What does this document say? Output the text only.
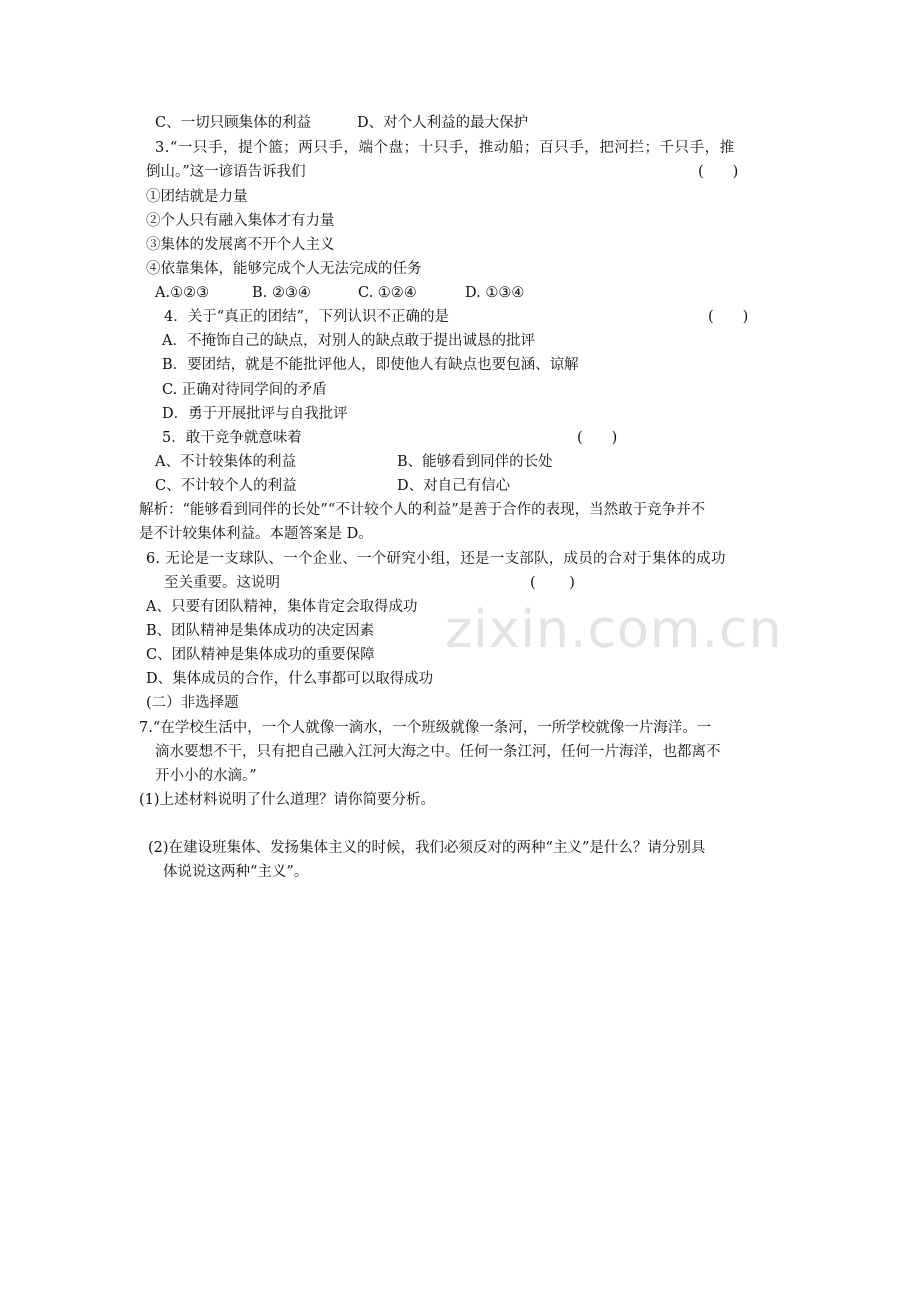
zixin.com.cn
C、一切只顾集体的利益	D、对个人利益的最大保护
3.“一只手，提个篮；两只手，端个盘；十只手，推动船；百只手，把河拦；千只手，推
倒山。”这一谚语告诉我们	(　　)
①团结就是力量
②个人只有融入集体才有力量
③集体的发展离不开个人主义
④依靠集体，能够完成个人无法完成的任务
A.①②③	B. ②③④	C. ①②④	D. ①③④
4．关于“真正的团结”，下列认识不正确的是	(　　)
A．不掩饰自己的缺点，对别人的缺点敢于提出诚恳的批评
B．要团结，就是不能批评他人，即使他人有缺点也要包涵、谅解
C. 正确对待同学间的矛盾
D．勇于开展批评与自我批评
5．敢干竞争就意味着	(　　)
A、不计较集体的利益	B、能够看到同伴的长处
C、不计较个人的利益	D、对自己有信心
解析：“能够看到同伴的长处”“不计较个人的利益”是善于合作的表现，当然敢于竞争并不
是不计较集体利益。本题答案是 D。
6. 无论是一支球队、一个企业、一个研究小组，还是一支部队，成员的合对于集体的成功
至关重要。这说明	(　　 )
A、只要有团队精神，集体肯定会取得成功
B、团队精神是集体成功的决定因素
C、团队精神是集体成功的重要保障
D、集体成员的合作，什么事都可以取得成功
(二）非选择题
7.“在学校生活中，一个人就像一滴水，一个班级就像一条河，一所学校就像一片海洋。一
滴水要想不干，只有把自己融入江河大海之中。任何一条江河，任何一片海洋，也都离不
开小小的水滴。”
(1)上述材料说明了什么道理？请你简要分析。
(2)在建设班集体、发扬集体主义的时候，我们必须反对的两种“主义”是什么？请分别具
体说说这两种“主义”。
